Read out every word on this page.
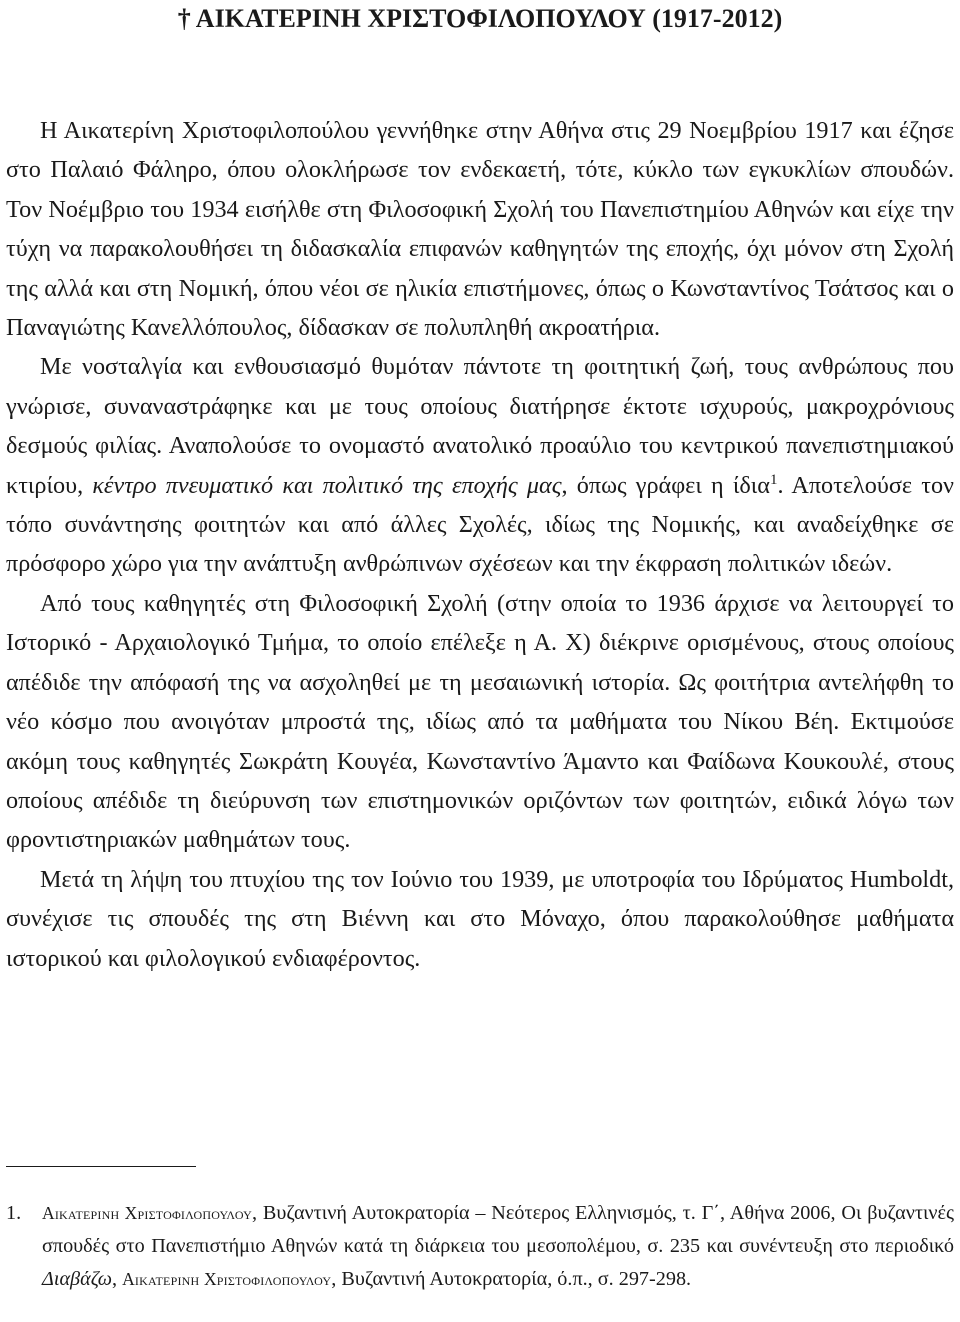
† ΑΙΚΑΤΕΡΙΝΗ ΧΡΙΣΤΟΦΙΛΟΠΟΥΛΟΥ (1917-2012)

Η Αικατερίνη Χριστοφιλοπούλου γεννήθηκε στην Αθήνα στις 29 Νοεμβρίου 1917 και έζησε στο Παλαιό Φάληρο, όπου ολοκλήρωσε τον ενδεκαετή, τότε, κύκλο των εγκυκλίων σπουδών. Τον Νοέμβριο του 1934 εισήλθε στη Φιλοσοφική Σχολή του Πανεπιστημίου Αθηνών και είχε την τύχη να παρακολουθήσει τη διδασκαλία επιφανών καθηγητών της εποχής, όχι μόνον στη Σχολή της αλλά και στη Νομική, όπου νέοι σε ηλικία επιστήμονες, όπως ο Κωνσταντίνος Τσάτσος και ο Παναγιώτης Κανελλόπουλος, δίδασκαν σε πολυπληθή ακροατήρια.

Με νοσταλγία και ενθουσιασμό θυμόταν πάντοτε τη φοιτητική ζωή, τους ανθρώπους που γνώρισε, συναναστράφηκε και με τους οποίους διατήρησε έκτοτε ισχυρούς, μακροχρόνιους δεσμούς φιλίας. Αναπολούσε το ονομαστό ανατολικό προαύλιο του κεντρικού πανεπιστημιακού κτιρίου, κέντρο πνευματικό και πολιτικό της εποχής μας, όπως γράφει η ίδια$^1$. Αποτελούσε τον τόπο συνάντησης φοιτητών και από άλλες Σχολές, ιδίως της Νομικής, και αναδείχθηκε σε πρόσφορο χώρο για την ανάπτυξη ανθρώπινων σχέσεων και την έκφραση πολιτικών ιδεών.

Από τους καθηγητές στη Φιλοσοφική Σχολή (στην οποία το 1936 άρχισε να λειτουργεί το Ιστορικό - Αρχαιολογικό Τμήμα, το οποίο επέλεξε η Α. Χ) διέκρινε ορισμένους, στους οποίους απέδιδε την απόφασή της να ασχοληθεί με τη μεσαιωνική ιστορία. Ως φοιτήτρια αντελήφθη το νέο κόσμο που ανοιγόταν μπροστά της, ιδίως από τα μαθήματα του Νίκου Βέη. Εκτιμούσε ακόμη τους καθηγητές Σωκράτη Κουγέα, Κωνσταντίνο Άμαντο και Φαίδωνα Κουκουλέ, στους οποίους απέδιδε τη διεύρυνση των επιστημονικών οριζόντων των φοιτητών, ειδικά λόγω των φροντιστηριακών μαθημάτων τους.

Μετά τη λήψη του πτυχίου της τον Ιούνιο του 1939, με υποτροφία του Ιδρύματος Humboldt, συνέχισε τις σπουδές της στη Βιέννη και στο Μόναχο, όπου παρακολούθησε μαθήματα ιστορικού και φιλολογικού ενδιαφέροντος.

1. Αικατερινη Χριστοφιλοπουλου, Βυζαντινή Αυτοκρατορία – Νεότερος Ελληνισμός, τ. Γ΄, Αθήνα 2006, Οι βυζαντινές σπουδές στο Πανεπιστήμιο Αθηνών κατά τη διάρκεια του μεσοπολέμου, σ. 235 και συνέντευξη στο περιοδικό Διαβάζω, Αικατερινη Χριστοφιλοπουλου, Βυζαντινή Αυτοκρατορία, ό.π., σ. 297-298.
